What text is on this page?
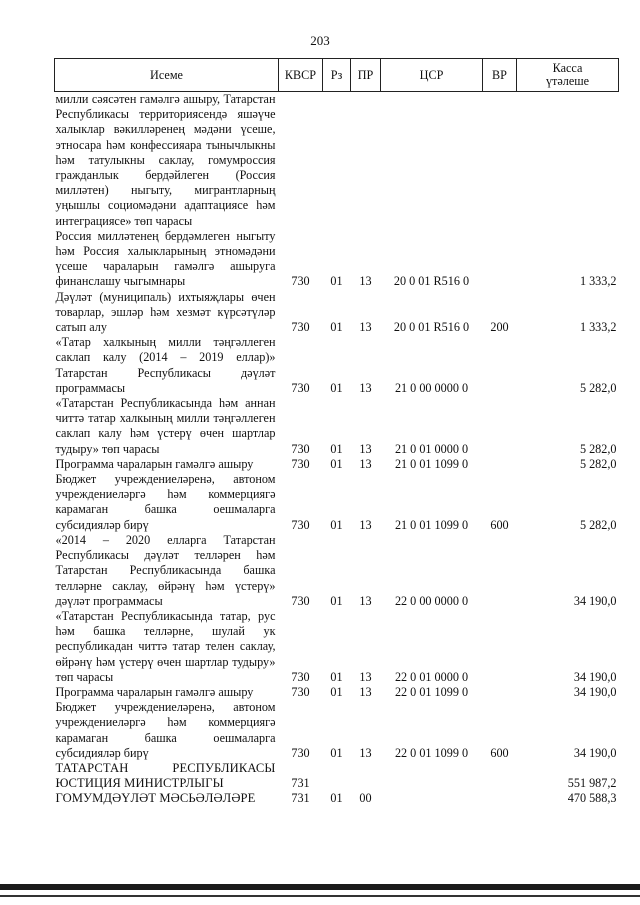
203
Исеме	КВСР	Рз	ПР	ЦСР	ВР	Касса
үтәлеше

милли сәясәтен гамәлгә ашыру, Татарстан Республикасы территориясендә яшәүче халыклар вәкилләренең мәдәни үсеше, этносара һәм конфессияара тынычлыкны һәм татулыкны саклау, гомумроссия гражданлык бердәйлеген (Россия милләтен) ныгыту, мигрантларның уңышлы социомәдәни адаптациясе һәм интеграциясе» төп чарасы						
Россия милләтенең бердәмлеген ныгыту һәм Россия халыкларының этномәдәни үсеше чараларын гамәлгә ашыруга финанслашу чыгымнары	730	01	13	20 0 01 R516 0		1 333,2
Дәүләт (муниципаль) ихтыяҗлары өчен товарлар, эшләр һәм хезмәт күрсәтүләр сатып алу	730	01	13	20 0 01 R516 0	200	1 333,2
«Татар халкының милли тәңгәллеген саклап калу (2014 – 2019 еллар)» Татарстан Республикасы дәүләт программасы	730	01	13	21 0 00 0000 0		5 282,0
«Татарстан Республикасында һәм аннан читтә татар халкының милли тәңгәллеген саклап калу һәм үстерү өчен шартлар тудыру» төп чарасы	730	01	13	21 0 01 0000 0		5 282,0
Программа чараларын гамәлгә ашыру	730	01	13	21 0 01 1099 0		5 282,0
Бюджет учреждениеләренә, автоном учреждениеләргә һәм коммерциягә карамаган башка оешмаларга субсидияләр бирү	730	01	13	21 0 01 1099 0	600	5 282,0
«2014 – 2020 елларга Татарстан Республикасы дәүләт телләрен һәм Татарстан Республикасында башка телләрне саклау, өйрәнү һәм үстерү» дәүләт программасы	730	01	13	22 0 00 0000 0		34 190,0
«Татарстан Республикасында татар, рус һәм башка телләрне, шулай ук республикадан читтә татар телен саклау, өйрәнү һәм үстерү өчен шартлар тудыру» төп чарасы	730	01	13	22 0 01 0000 0		34 190,0
Программа чараларын гамәлгә ашыру	730	01	13	22 0 01 1099 0		34 190,0
Бюджет учреждениеләренә, автоном учреждениеләргә һәм коммерциягә карамаган башка оешмаларга субсидияләр бирү	730	01	13	22 0 01 1099 0	600	34 190,0
ТАТАРСТАН РЕСПУБЛИКАСЫ ЮСТИЦИЯ МИНИСТРЛЫГЫ	731					551 987,2
ГОМУМДӘҮЛӘТ МӘСЬӘЛӘЛӘРЕ	731	01	00			470 588,3
